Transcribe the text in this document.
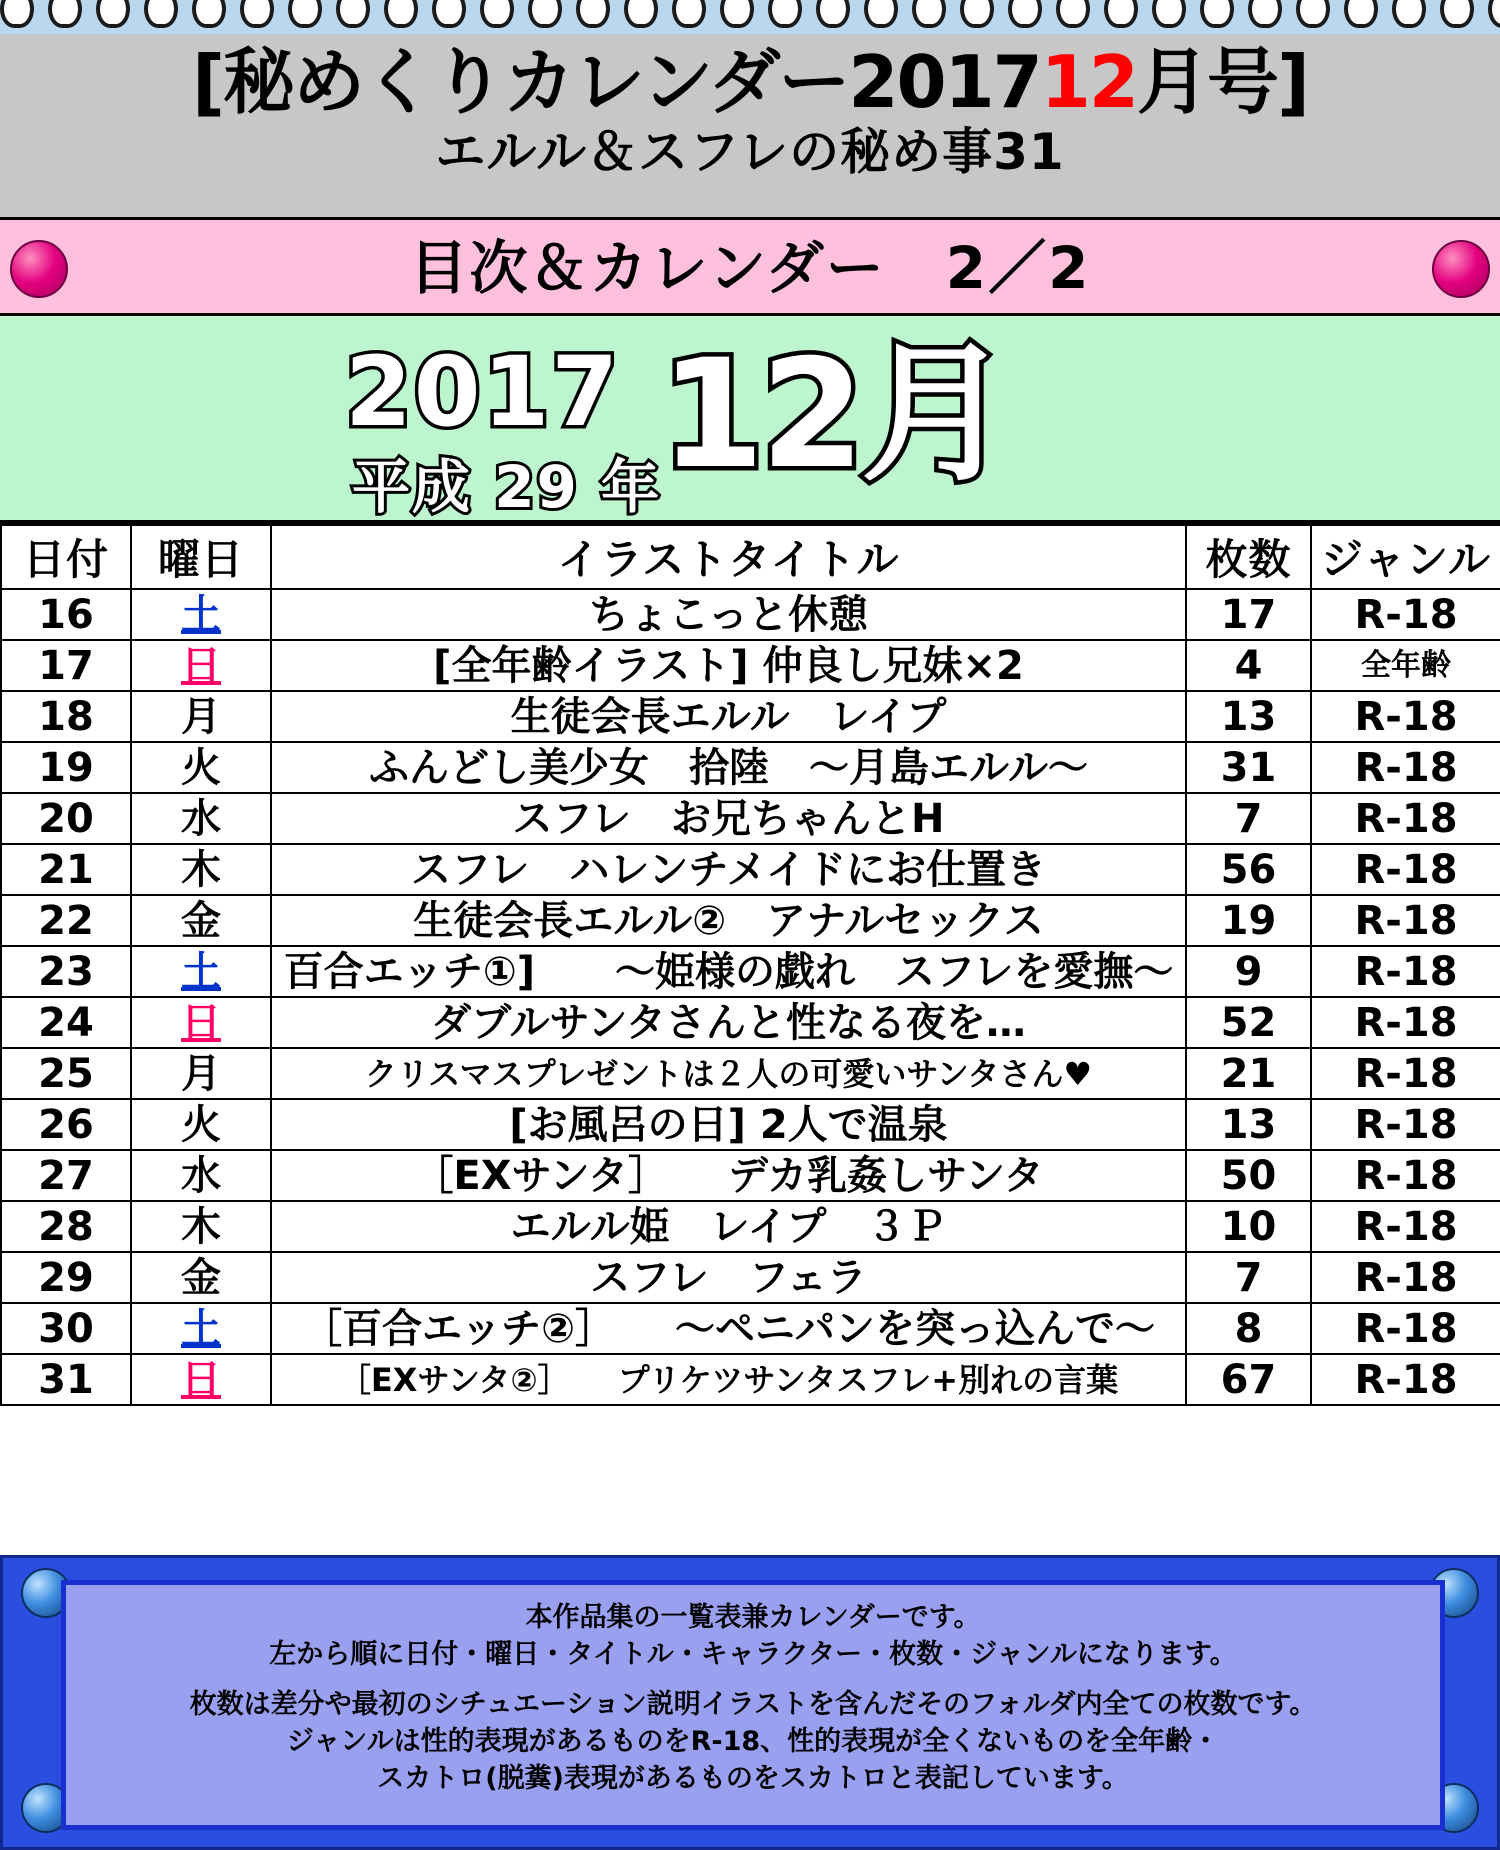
[秘めくりカレンダー201712月号]
エルル＆スフレの秘め事31
目次＆カレンダー　2／2
2017
平成 29 年
12月
日付	曜日	イラストタイトル	枚数	ジャンル
16	土	ちょこっと休憩	17	R-18
17	日	[全年齢イラスト] 仲良し兄妹×2	4	全年齢
18	月	生徒会長エルル　レイプ	13	R-18
19	火	ふんどし美少女　拾陸　〜月島エルル〜	31	R-18
20	水	スフレ　お兄ちゃんとH	7	R-18
21	木	スフレ　ハレンチメイドにお仕置き	56	R-18
22	金	生徒会長エルル②　アナルセックス	19	R-18
23	土	百合エッチ①]　　〜姫様の戯れ　スフレを愛撫〜	9	R-18
24	日	ダブルサンタさんと性なる夜を…	52	R-18
25	月	クリスマスプレゼントは２人の可愛いサンタさん♥	21	R-18
26	火	[お風呂の日] 2人で温泉	13	R-18
27	水	［EXサンタ］　　デカ乳姦しサンタ	50	R-18
28	木	エルル姫　レイプ　３Ｐ	10	R-18
29	金	スフレ　フェラ	7	R-18
30	土	［百合エッチ②］　　〜ペニパンを突っ込んで〜	8	R-18
31	日	［EXサンタ②］　　プリケツサンタスフレ+別れの言葉	67	R-18

本作品集の一覧表兼カレンダーです。

左から順に日付・曜日・タイトル・キャラクター・枚数・ジャンルになります。

枚数は差分や最初のシチュエーション説明イラストを含んだそのフォルダ内全ての枚数です。

ジャンルは性的表現があるものをR-18、性的表現が全くないものを全年齢・

スカトロ(脱糞)表現があるものをスカトロと表記しています。
